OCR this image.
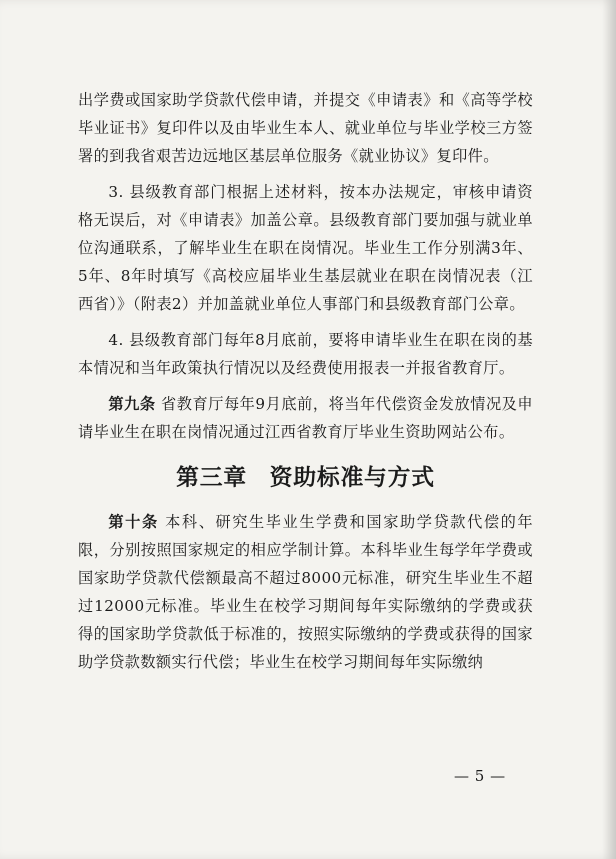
出学费或国家助学贷款代偿申请，并提交《申请表》和《高等学校毕业证书》复印件以及由毕业生本人、就业单位与毕业学校三方签署的到我省艰苦边远地区基层单位服务《就业协议》复印件。

3. 县级教育部门根据上述材料，按本办法规定，审核申请资格无误后，对《申请表》加盖公章。县级教育部门要加强与就业单位沟通联系，了解毕业生在职在岗情况。毕业生工作分别满3年、5年、8年时填写《高校应届毕业生基层就业在职在岗情况表（江西省）》（附表2）并加盖就业单位人事部门和县级教育部门公章。

4. 县级教育部门每年8月底前，要将申请毕业生在职在岗的基本情况和当年政策执行情况以及经费使用报表一并报省教育厅。

第九条 省教育厅每年9月底前，将当年代偿资金发放情况及申请毕业生在职在岗情况通过江西省教育厅毕业生资助网站公布。

第三章 资助标准与方式

第十条 本科、研究生毕业生学费和国家助学贷款代偿的年限，分别按照国家规定的相应学制计算。本科毕业生每学年学费或国家助学贷款代偿额最高不超过8000元标准，研究生毕业生不超过12000元标准。毕业生在校学习期间每年实际缴纳的学费或获得的国家助学贷款低于标准的，按照实际缴纳的学费或获得的国家助学贷款数额实行代偿；毕业生在校学习期间每年实际缴纳

— 5 —
